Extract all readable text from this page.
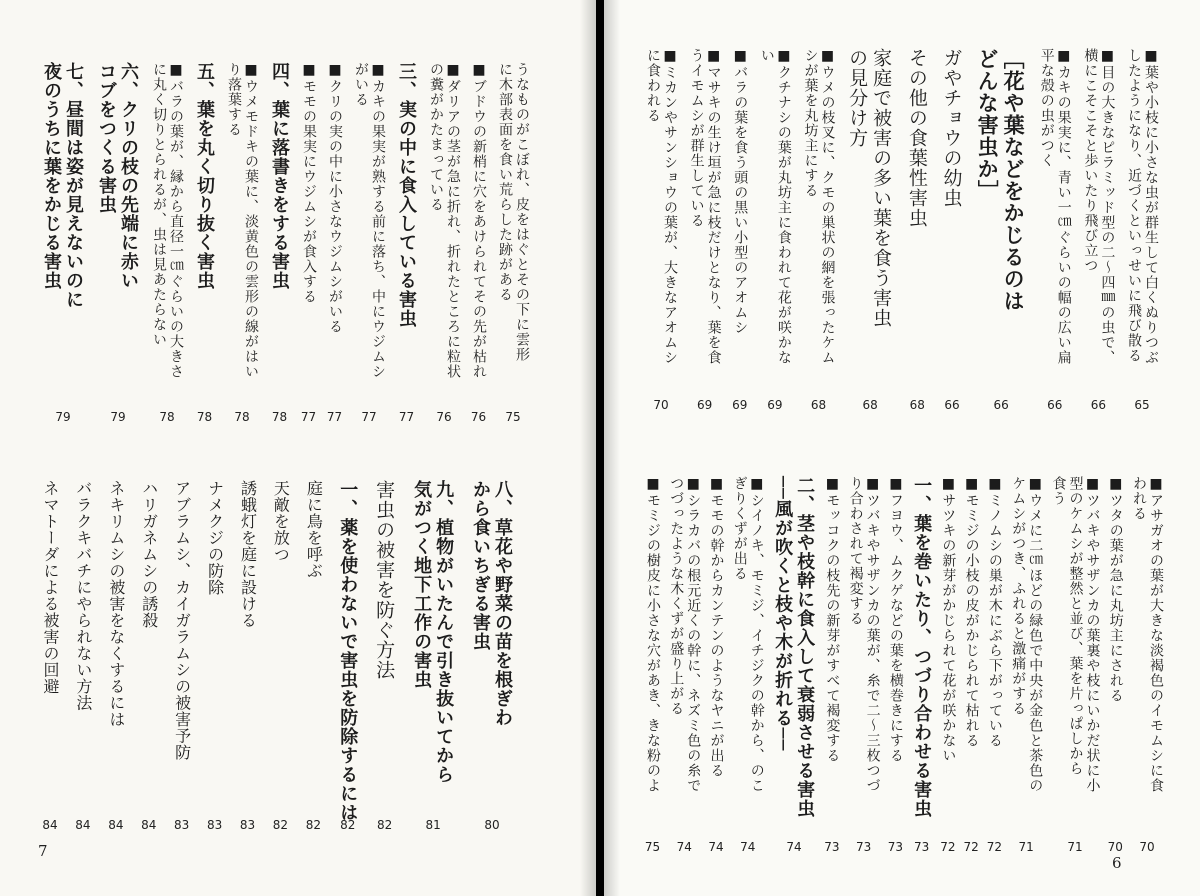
うなものがこぼれ、皮をはぐとその下に雲形
に木部表面を食い荒らした跡がある
75
■ブドウの新梢に穴をあけられてその先が枯れ
76
■ダリアの茎が急に折れ、折れたところに粒状
の糞がかたまっている
76
三、実の中に食入している害虫
77
■カキの果実が熟する前に落ち、中にウジムシ
がいる
77
■クリの実の中に小さなウジムシがいる
77
■モモの果実にウジムシが食入する
77
四、葉に落書きをする害虫
78
■ウメモドキの葉に、淡黄色の雲形の線がはい
り落葉する
78
五、葉を丸く切り抜く害虫
78
■バラの葉が、縁から直径一㎝ぐらいの大きさ
に丸く切りとられるが、虫は見あたらない
78
六、クリの枝の先端に赤い
コブをつくる害虫
79
七、昼間は姿が見えないのに
夜のうちに葉をかじる害虫
79
八、草花や野菜の苗を根ぎわ
から食いちぎる害虫
80
九、植物がいたんで引き抜いてから
気がつく地下工作の害虫
81
害虫の被害を防ぐ方法
82
一、薬を使わないで害虫を防除するには
82
庭に鳥を呼ぶ
82
天敵を放つ
82
誘蛾灯を庭に設ける
83
ナメクジの防除
83
アブラムシ、カイガラムシの被害予防
83
ハリガネムシの誘殺
84
ネキリムシの被害をなくするには
84
バラクキバチにやられない方法
84
ネマトーダによる被害の回避
84
7
■葉や小枝に小さな虫が群生して白くぬりつぶ
したようになり、近づくといっせいに飛び散る
65
■目の大きなピラミッド型の二～四㎜の虫で、
横にこそこそと歩いたり飛び立つ
66
■カキの果実に、青い一㎝ぐらいの幅の広い扁
平な殻の虫がつく
66
［花や葉などをかじるのは
どんな害虫か］
66
ガやチョウの幼虫
66
その他の食葉性害虫
68
家庭で被害の多い葉を食う害虫
の見分け方
68
■ウメの枝叉に、クモの巣状の網を張ったケム
シが葉を丸坊主にする
68
■クチナシの葉が丸坊主に食われて花が咲かな
い
69
■バラの葉を食う頭の黒い小型のアオムシ
69
■マサキの生け垣が急に枝だけとなり、葉を食
うイモムシが群生している
69
■ミカンやサンショウの葉が、大きなアオムシ
に食われる
70
■アサガオの葉が大きな淡褐色のイモムシに食
われる
70
■ツタの葉が急に丸坊主にされる
70
■ツバキやサザンカの葉裏や枝にいかだ状に小
型のケムシが整然と並び、葉を片っぱしから
食う
71
■ウメに二㎝ほどの緑色で中央が金色と茶色の
ケムシがつき、ふれると激痛がする
71
■ミノムシの巣が木にぶら下がっている
72
■モミジの小枝の皮がかじられて枯れる
72
■サツキの新芽がかじられて花が咲かない
72
一、葉を巻いたり、つづり合わせる害虫
73
■フヨウ、ムクゲなどの葉を横巻きにする
73
■ツバキやサザンカの葉が、糸で二～三枚つづ
り合わされて褐変する
73
■モッコクの枝先の新芽がすべて褐変する
73
二、茎や枝幹に食入して衰弱させる害虫
──風が吹くと枝や木が折れる──
74
■シイノキ、モミジ、イチジクの幹から、のこ
ぎりくずが出る
74
■モモの幹からカンテンのようなヤニが出る
74
■シラカバの根元近くの幹に、ネズミ色の糸で
つづったような木くずが盛り上がる
74
■モミジの樹皮に小さな穴があき、きな粉のよ
75
6
